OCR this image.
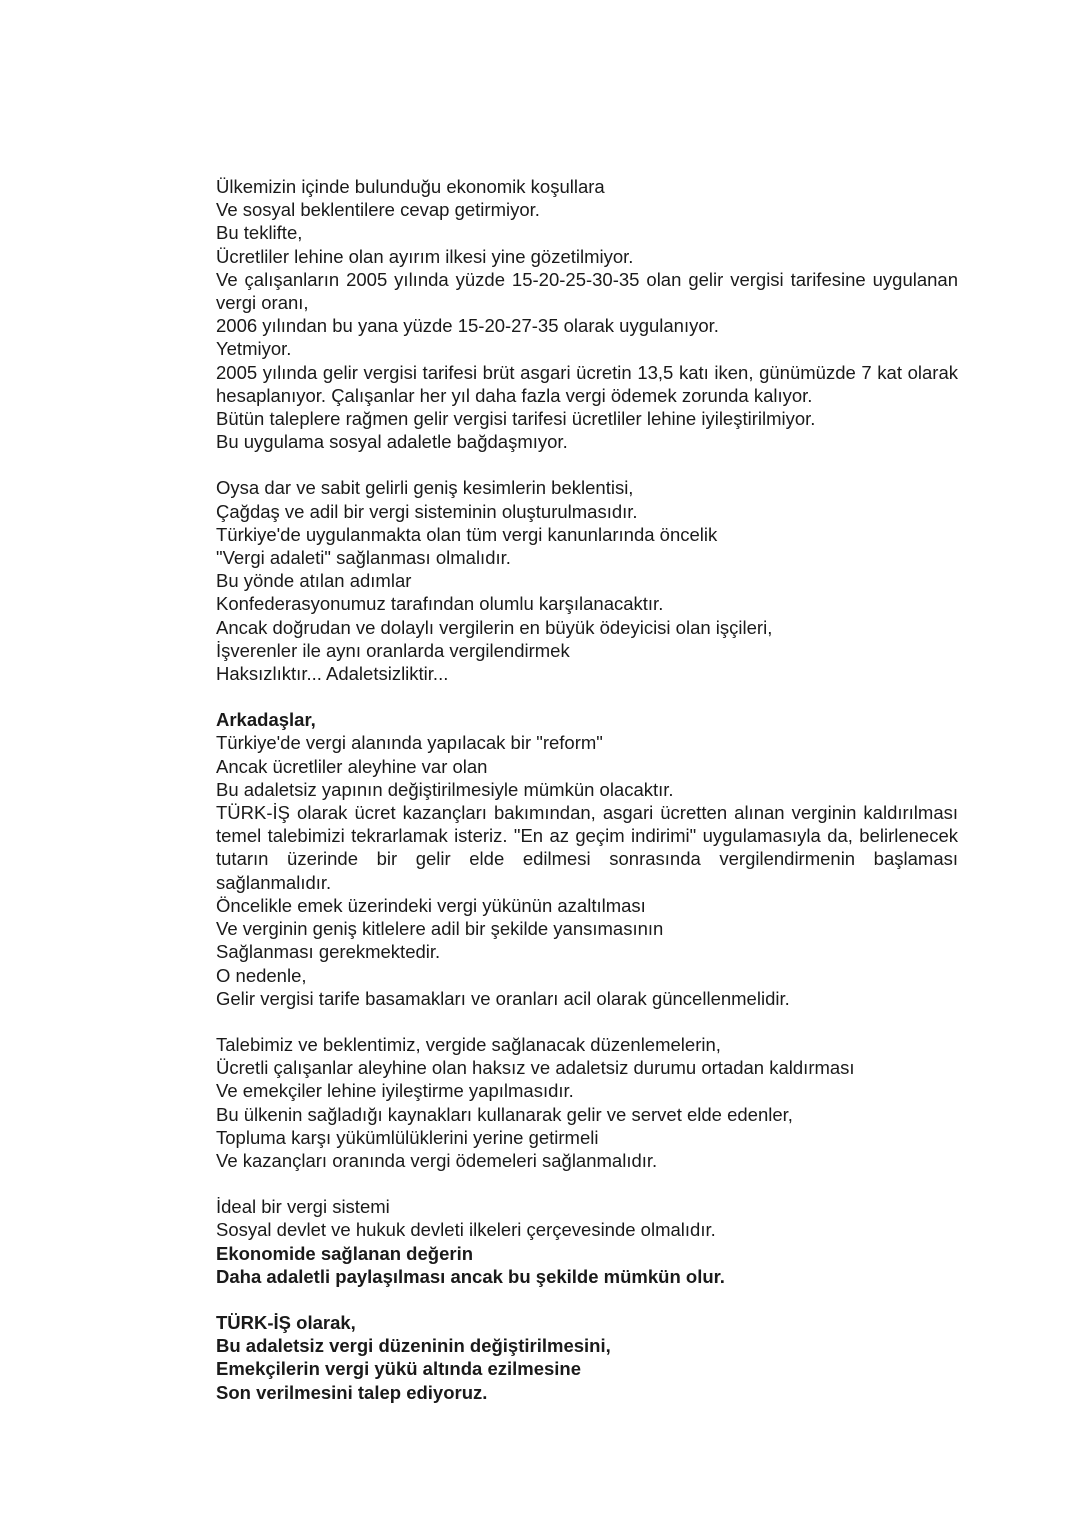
Ülkemizin içinde bulunduğu ekonomik koşullara
Ve sosyal beklentilere cevap getirmiyor.
Bu teklifte,
Ücretliler lehine olan ayırım ilkesi yine gözetilmiyor.
Ve çalışanların 2005 yılında yüzde 15-20-25-30-35 olan gelir vergisi tarifesine uygulanan vergi oranı,
2006 yılından bu yana yüzde 15-20-27-35 olarak uygulanıyor.
Yetmiyor.
2005 yılında gelir vergisi tarifesi brüt asgari ücretin 13,5 katı iken, günümüzde 7 kat olarak hesaplanıyor. Çalışanlar her yıl daha fazla vergi ödemek zorunda kalıyor.
Bütün taleplere rağmen gelir vergisi tarifesi ücretliler lehine iyileştirilmiyor.
Bu uygulama sosyal adaletle bağdaşmıyor.
Oysa dar ve sabit gelirli geniş kesimlerin beklentisi,
Çağdaş ve adil bir vergi sisteminin oluşturulmasıdır.
Türkiye'de uygulanmakta olan tüm vergi kanunlarında öncelik
"Vergi adaleti" sağlanması olmalıdır.
Bu yönde atılan adımlar
Konfederasyonumuz tarafından olumlu karşılanacaktır.
Ancak doğrudan ve dolaylı vergilerin en büyük ödeyicisi olan işçileri,
İşverenler ile aynı oranlarda vergilendirmek
Haksızlıktır... Adaletsizliktir...
Arkadaşlar,
Türkiye'de vergi alanında yapılacak bir "reform"
Ancak ücretliler aleyhine var olan
Bu adaletsiz yapının değiştirilmesiyle mümkün olacaktır.
TÜRK-İŞ olarak ücret kazançları bakımından, asgari ücretten alınan verginin kaldırılması temel talebimizi tekrarlamak isteriz. "En az geçim indirimi" uygulamasıyla da, belirlenecek tutarın üzerinde bir gelir elde edilmesi sonrasında vergilendirmenin başlaması sağlanmalıdır.
Öncelikle emek üzerindeki vergi yükünün azaltılması
Ve verginin geniş kitlelere adil bir şekilde yansımasının
Sağlanması gerekmektedir.
O nedenle,
Gelir vergisi tarife basamakları ve oranları acil olarak güncellenmelidir.
Talebimiz ve beklentimiz, vergide sağlanacak düzenlemelerin,
Ücretli çalışanlar aleyhine olan haksız ve adaletsiz durumu ortadan kaldırması
Ve emekçiler lehine iyileştirme yapılmasıdır.
Bu ülkenin sağladığı kaynakları kullanarak gelir ve servet elde edenler,
Topluma karşı yükümlülüklerini yerine getirmeli
Ve kazançları oranında vergi ödemeleri sağlanmalıdır.
İdeal bir vergi sistemi
Sosyal devlet ve hukuk devleti ilkeleri çerçevesinde olmalıdır.
Ekonomide sağlanan değerin
Daha adaletli paylaşılması ancak bu şekilde mümkün olur.
TÜRK-İŞ olarak,
Bu adaletsiz vergi düzeninin değiştirilmesini,
Emekçilerin vergi yükü altında ezilmesine
Son verilmesini talep ediyoruz.
